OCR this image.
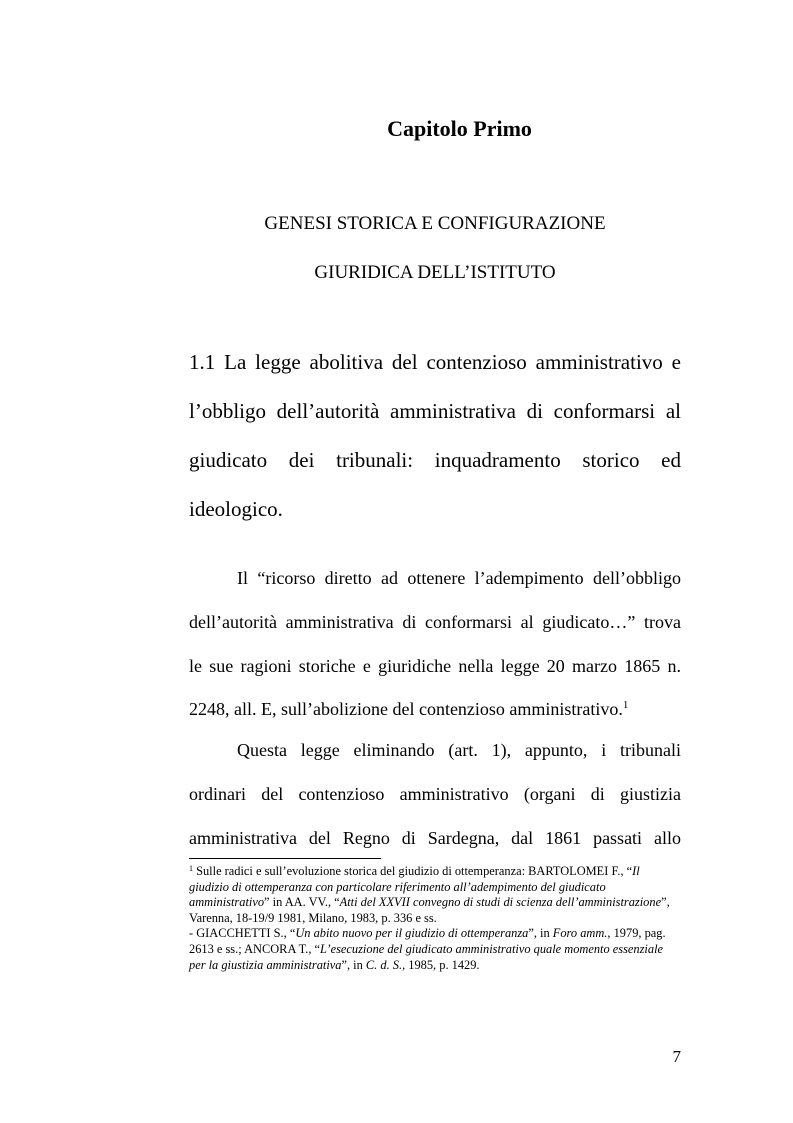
Capitolo Primo
GENESI STORICA E CONFIGURAZIONE
GIURIDICA DELL’ISTITUTO
1.1 La legge abolitiva del contenzioso amministrativo e
l’obbligo dell’autorità amministrativa di conformarsi al
giudicato dei tribunali: inquadramento storico ed
ideologico.
Il “ricorso diretto ad ottenere l’adempimento dell’obbligo
dell’autorità amministrativa di conformarsi al giudicato…” trova
le sue ragioni storiche e giuridiche nella legge 20 marzo 1865 n.
2248, all. E, sull’abolizione del contenzioso amministrativo.$^1$
Questa legge eliminando (art. 1), appunto, i tribunali
ordinari del contenzioso amministrativo (organi di giustizia
amministrativa del Regno di Sardegna, dal 1861 passati allo

$^1$ Sulle radici e sull’evoluzione storica del giudizio di ottemperanza: BARTOLOMEI F., “Il giudizio di ottemperanza con particolare riferimento all’adempimento del giudicato amministrativo” in AA. VV., “Atti del XXVII convegno di studi di scienza dell’amministrazione”, Varenna, 18-19/9 1981, Milano, 1983, p. 336 e ss.

- GIACCHETTI S., “Un abito nuovo per il giudizio di ottemperanza”, in Foro amm., 1979, pag. 2613 e ss.; ANCORA T., “L’esecuzione del giudicato amministrativo quale momento essenziale per la giustizia amministrativa”, in C. d. S., 1985, p. 1429.

7
